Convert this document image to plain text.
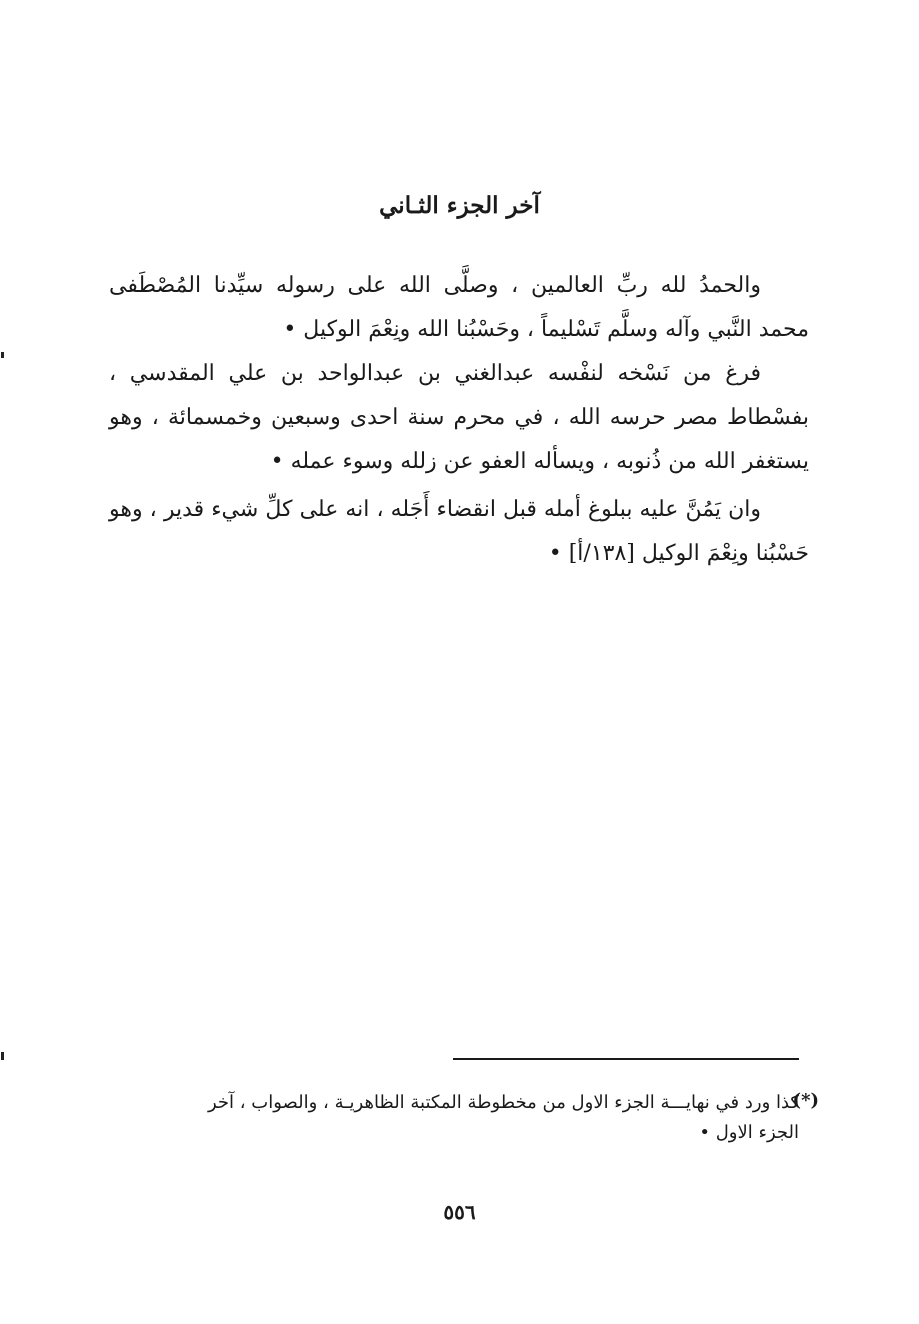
آخر الجزء الثـاني

والحمدُ لله ربِّ العالمين ، وصلَّى الله على رسوله سيِّدنا المُصْطَفى محمد النَّبي وآله وسلَّم تَسْليماً ، وحَسْبُنا الله ونِعْمَ الوكيل •

فرغ من نَسْخه لنفْسه عبدالغني بن عبدالواحد بن علي المقدسي ، بفسْطاط مصر حرسه الله ، في محرم سنة احدى وسبعين وخمسمائة ، وهو يستغفر الله من ذُنوبه ، ويسأله العفو عن زلله وسوء عمله •

وان يَمُنَّ عليه ببلوغ أمله قبل انقضاء أَجَله ، انه على كلِّ شيء قدير ، وهو حَسْبُنا ونِعْمَ الوكيل [١٣٨/أ] •

(*)
كذا ورد في نهايـــة الجزء الاول من مخطوطة المكتبة الظاهريـة ، والصواب ، آخر الجزء الاول •
٥٥٦
